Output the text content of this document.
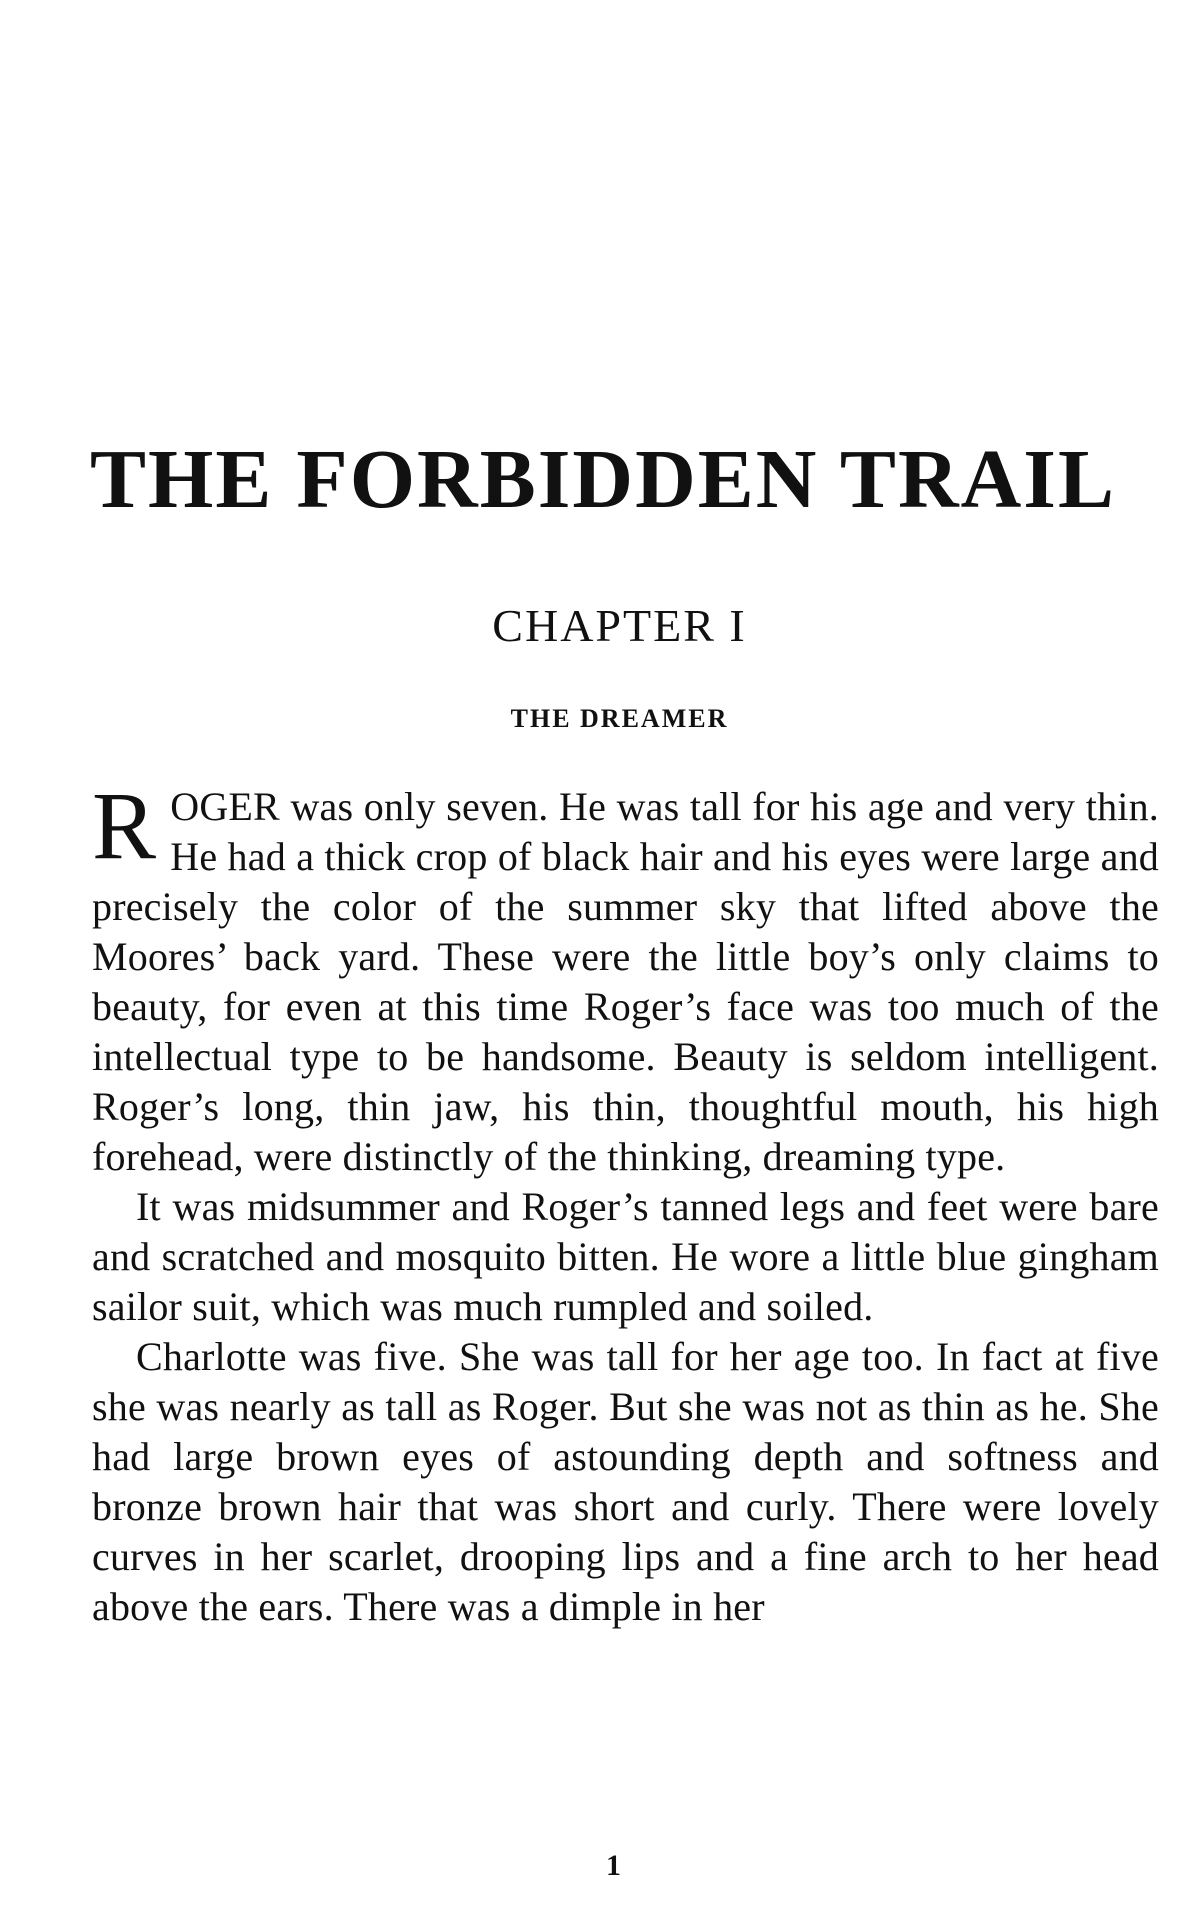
THE FORBIDDEN TRAIL
CHAPTER I
THE DREAMER

ROGER was only seven. He was tall for his age and very thin. He had a thick crop of black hair and his eyes were large and precisely the color of the summer sky that lifted above the Moores’ back yard. These were the little boy’s only claims to beauty, for even at this time Roger’s face was too much of the intellectual type to be handsome. Beauty is seldom intelligent. Roger’s long, thin jaw, his thin, thoughtful mouth, his high forehead, were distinctly of the thinking, dreaming type.

It was midsummer and Roger’s tanned legs and feet were bare and scratched and mosquito bitten. He wore a little blue gingham sailor suit, which was much rumpled and soiled.

Charlotte was five. She was tall for her age too. In fact at five she was nearly as tall as Roger. But she was not as thin as he. She had large brown eyes of astounding depth and softness and bronze brown hair that was short and curly. There were lovely curves in her scarlet, drooping lips and a fine arch to her head above the ears. There was a dimple in her

1
